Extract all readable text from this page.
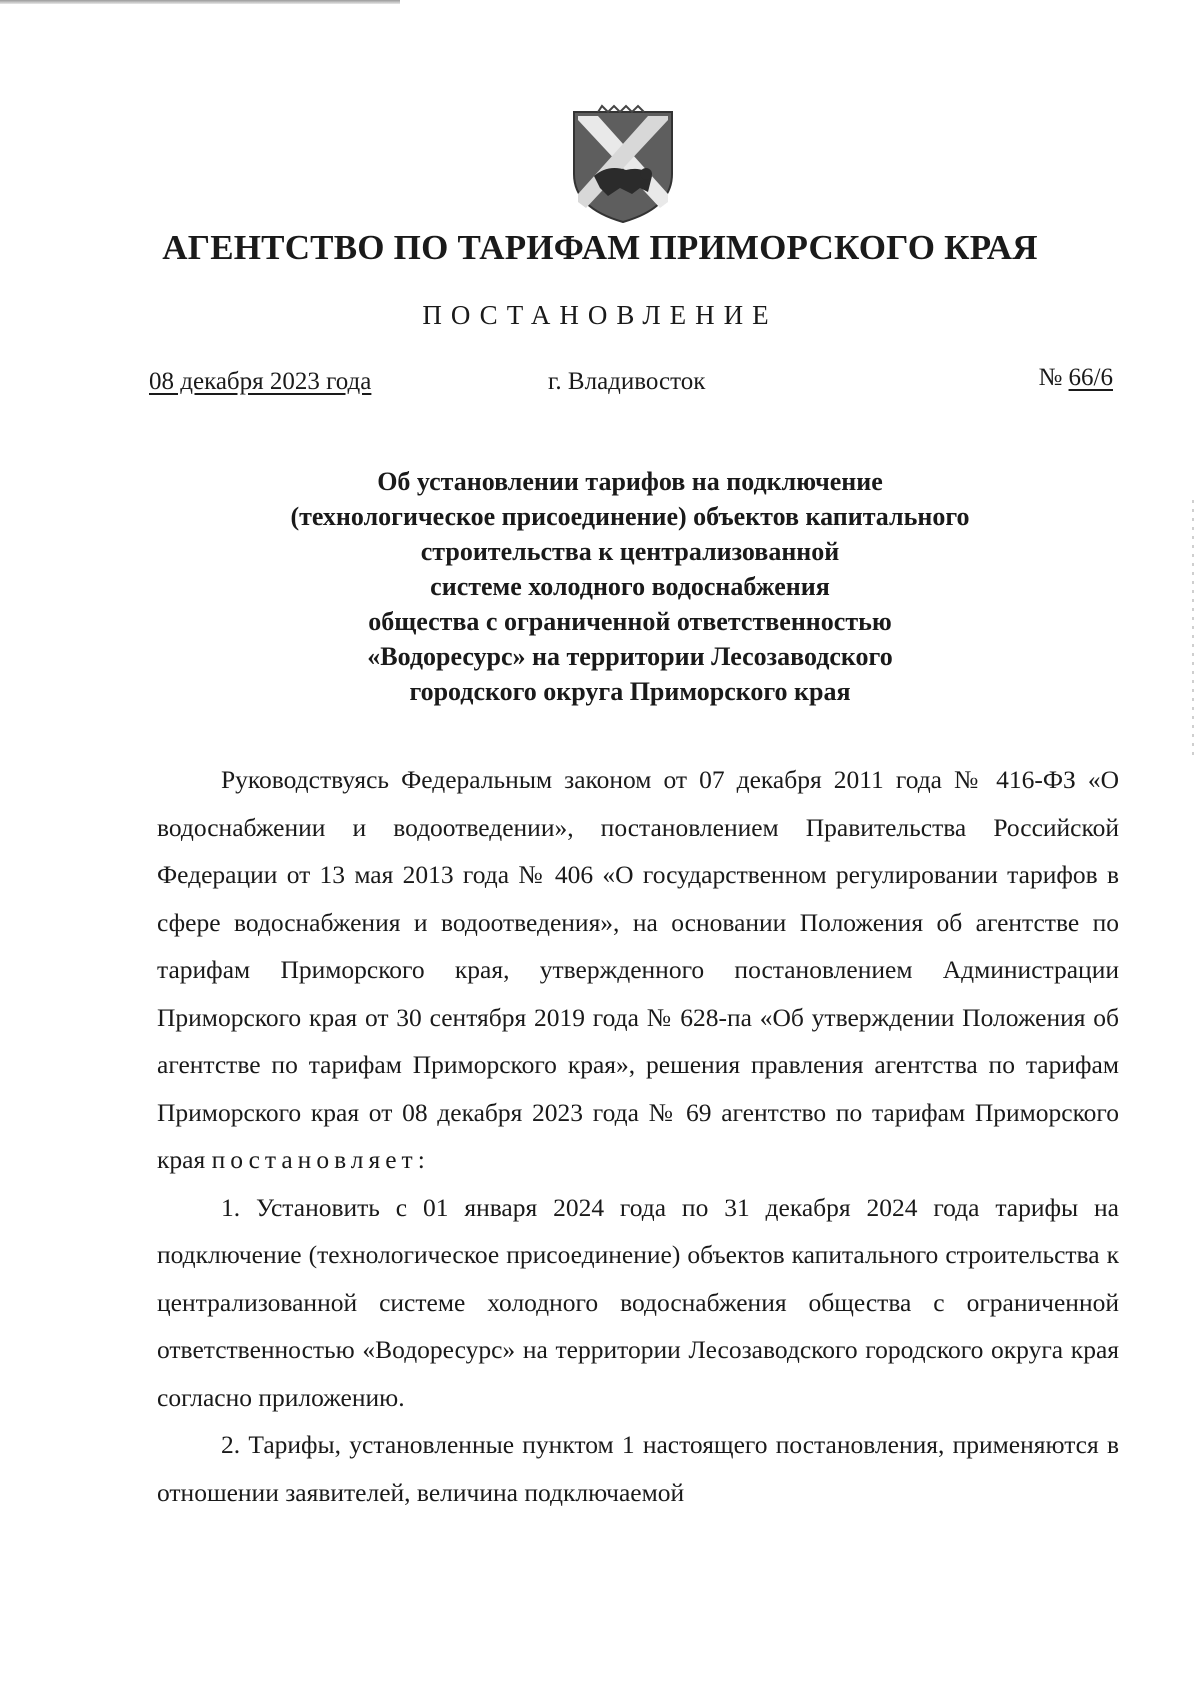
АГЕНТСТВО ПО ТАРИФАМ ПРИМОРСКОГО КРАЯ
ПОСТАНОВЛЕНИЕ
08 декабря 2023 года	г. Владивосток	№ 66/6
Об установлении тарифов на подключение
(технологическое присоединение) объектов капитального
строительства к централизованной
системе холодного водоснабжения
общества с ограниченной ответственностью
«Водоресурс» на территории Лесозаводского
городского округа Приморского края

Руководствуясь Федеральным законом от 07 декабря 2011 года № 416-ФЗ «О водоснабжении и водоотведении», постановлением Правительства Российской Федерации от 13 мая 2013 года № 406 «О государственном регулировании тарифов в сфере водоснабжения и водоотведения», на основании Положения об агентстве по тарифам Приморского края, утвержденного постановлением Администрации Приморского края от 30 сентября 2019 года № 628-па «Об утверждении Положения об агентстве по тарифам Приморского края», решения правления агентства по тарифам Приморского края от 08 декабря 2023 года № 69 агентство по тарифам Приморского края постановляет:

1. Установить с 01 января 2024 года по 31 декабря 2024 года тарифы на подключение (технологическое присоединение) объектов капитального строительства к централизованной системе холодного водоснабжения общества с ограниченной ответственностью «Водоресурс» на территории Лесозаводского городского округа края согласно приложению.

2. Тарифы, установленные пунктом 1 настоящего постановления, применяются в отношении заявителей, величина подключаемой
